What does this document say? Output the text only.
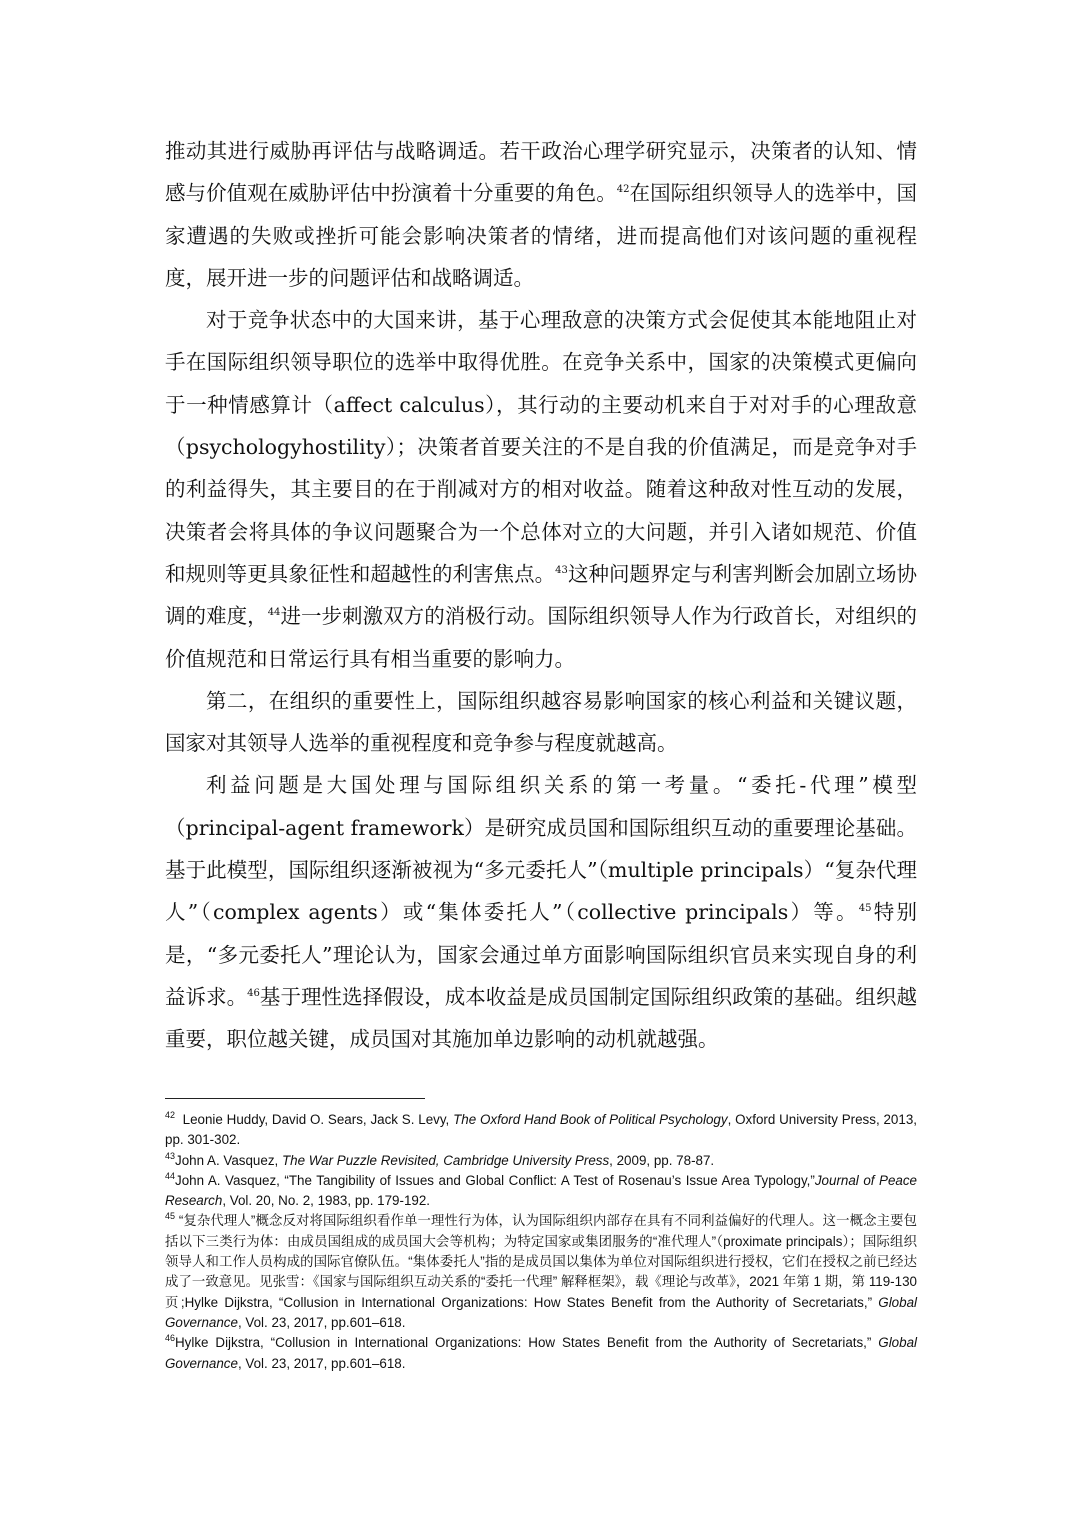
推动其进行威胁再评估与战略调适。若干政治心理学研究显示，决策者的认知、情感与价值观在威胁评估中扮演着十分重要的角色。$^{42}$在国际组织领导人的选举中，国家遭遇的失败或挫折可能会影响决策者的情绪，进而提高他们对该问题的重视程度，展开进一步的问题评估和战略调适。

对于竞争状态中的大国来讲，基于心理敌意的决策方式会促使其本能地阻止对手在国际组织领导职位的选举中取得优胜。在竞争关系中，国家的决策模式更偏向于一种情感算计（affect calculus），其行动的主要动机来自于对对手的心理敌意（psychologyhostility）；决策者首要关注的不是自我的价值满足，而是竞争对手的利益得失，其主要目的在于削减对方的相对收益。随着这种敌对性互动的发展，决策者会将具体的争议问题聚合为一个总体对立的大问题，并引入诸如规范、价值和规则等更具象征性和超越性的利害焦点。$^{43}$这种问题界定与利害判断会加剧立场协调的难度，$^{44}$进一步刺激双方的消极行动。国际组织领导人作为行政首长，对组织的价值规范和日常运行具有相当重要的影响力。

第二，在组织的重要性上，国际组织越容易影响国家的核心利益和关键议题，国家对其领导人选举的重视程度和竞争参与程度就越高。

利益问题是大国处理与国际组织关系的第一考量。“委托-代理”模型（principal-agent framework）是研究成员国和国际组织互动的重要理论基础。基于此模型，国际组织逐渐被视为“多元委托人”（multiple principals）“复杂代理人”（complex agents）或“集体委托人”（collective principals）等。$^{45}$特别是，“多元委托人”理论认为，国家会通过单方面影响国际组织官员来实现自身的利益诉求。$^{46}$基于理性选择假设，成本收益是成员国制定国际组织政策的基础。组织越重要，职位越关键，成员国对其施加单边影响的动机就越强。

$^{42}$  Leonie Huddy, David O. Sears, Jack S. Levy, The Oxford Hand Book of Political Psychology, Oxford University Press, 2013, pp. 301-302.

$^{43}$John A. Vasquez, The War Puzzle Revisited, Cambridge University Press, 2009, pp. 78-87.

$^{44}$John A. Vasquez, “The Tangibility of Issues and Global Conflict: A Test of Rosenau’s Issue Area Typology,”Journal of Peace Research, Vol. 20, No. 2, 1983, pp. 179-192.

$^{45}$ “复杂代理人”概念反对将国际组织看作单一理性行为体，认为国际组织内部存在具有不同利益偏好的代理人。这一概念主要包括以下三类行为体：由成员国组成的成员国大会等机构；为特定国家或集团服务的“准代理人”（proximate principals）；国际组织领导人和工作人员构成的国际官僚队伍。“集体委托人”指的是成员国以集体为单位对国际组织进行授权，它们在授权之前已经达成了一致意见。见张雪：《国家与国际组织互动关系的“委托一代理” 解释框架》，载《理论与改革》，2021 年第 1 期，第 119-130 页;Hylke Dijkstra, “Collusion in International Organizations: How States Benefit from the Authority of Secretariats,” Global Governance, Vol. 23, 2017, pp.601–618.

$^{46}$Hylke Dijkstra, “Collusion in International Organizations: How States Benefit from the Authority of Secretariats,” Global Governance, Vol. 23, 2017, pp.601–618.
